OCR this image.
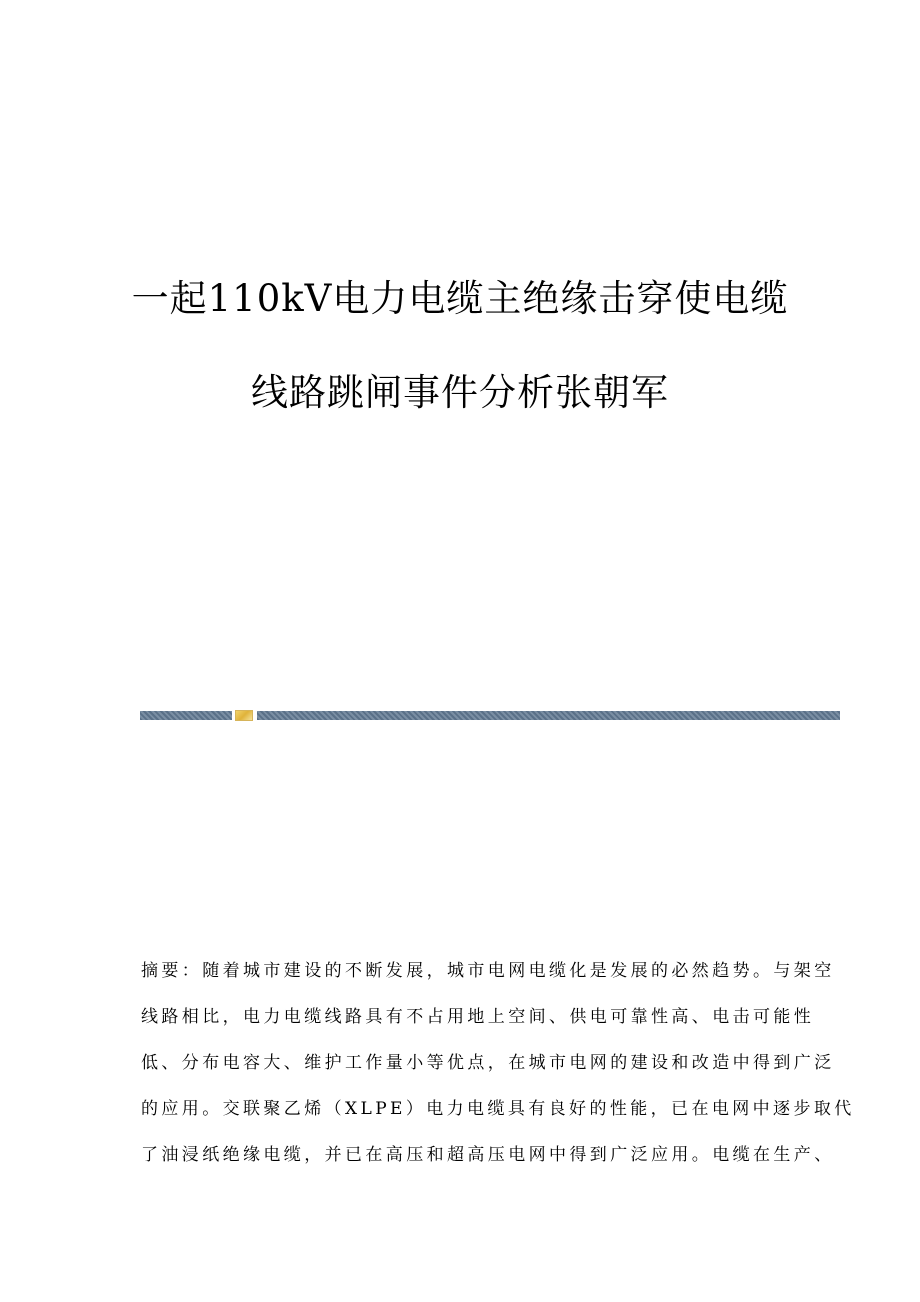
一起110kV电力电缆主绝缘击穿使电缆
线路跳闸事件分析张朝军

摘要：随着城市建设的不断发展，城市电网电缆化是发展的必然趋势。与架空

线路相比，电力电缆线路具有不占用地上空间、供电可靠性高、电击可能性

低、分布电容大、维护工作量小等优点，在城市电网的建设和改造中得到广泛

的应用。交联聚乙烯（XLPE）电力电缆具有良好的性能，已在电网中逐步取代

了油浸纸绝缘电缆，并已在高压和超高压电网中得到广泛应用。电缆在生产、
